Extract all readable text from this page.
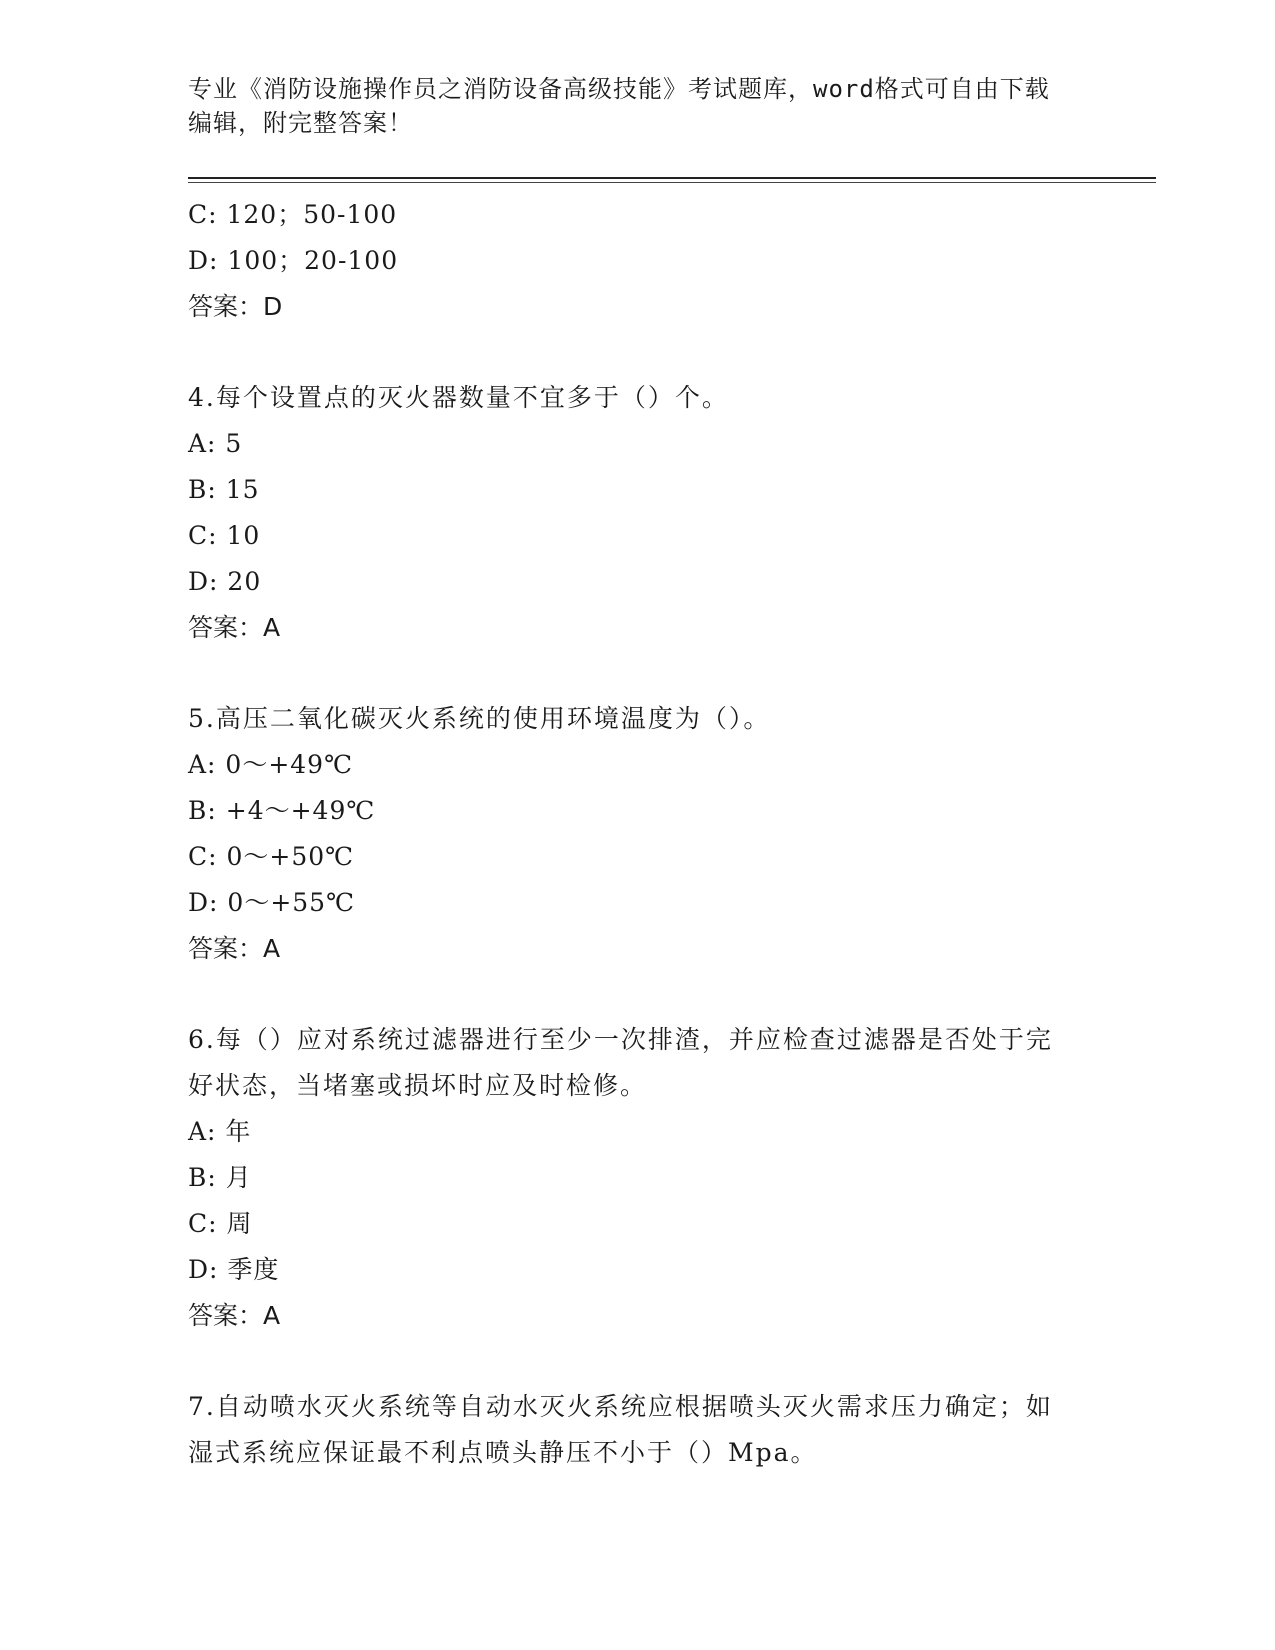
专业《消防设施操作员之消防设备高级技能》考试题库，word格式可自由下载编辑，附完整答案！
C: 120；50-100
D: 100；20-100
答案：D
4.每个设置点的灭火器数量不宜多于（）个。
A: 5
B: 15
C: 10
D: 20
答案：A
5.高压二氧化碳灭火系统的使用环境温度为（）。
A: 0～+49℃
B: +4～+49℃
C: 0～+50℃
D: 0～+55℃
答案：A
6.每（）应对系统过滤器进行至少一次排渣，并应检查过滤器是否处于完好状态，当堵塞或损坏时应及时检修。
A: 年
B: 月
C: 周
D: 季度
答案：A
7.自动喷水灭火系统等自动水灭火系统应根据喷头灭火需求压力确定；如湿式系统应保证最不利点喷头静压不小于（）Mpa。
